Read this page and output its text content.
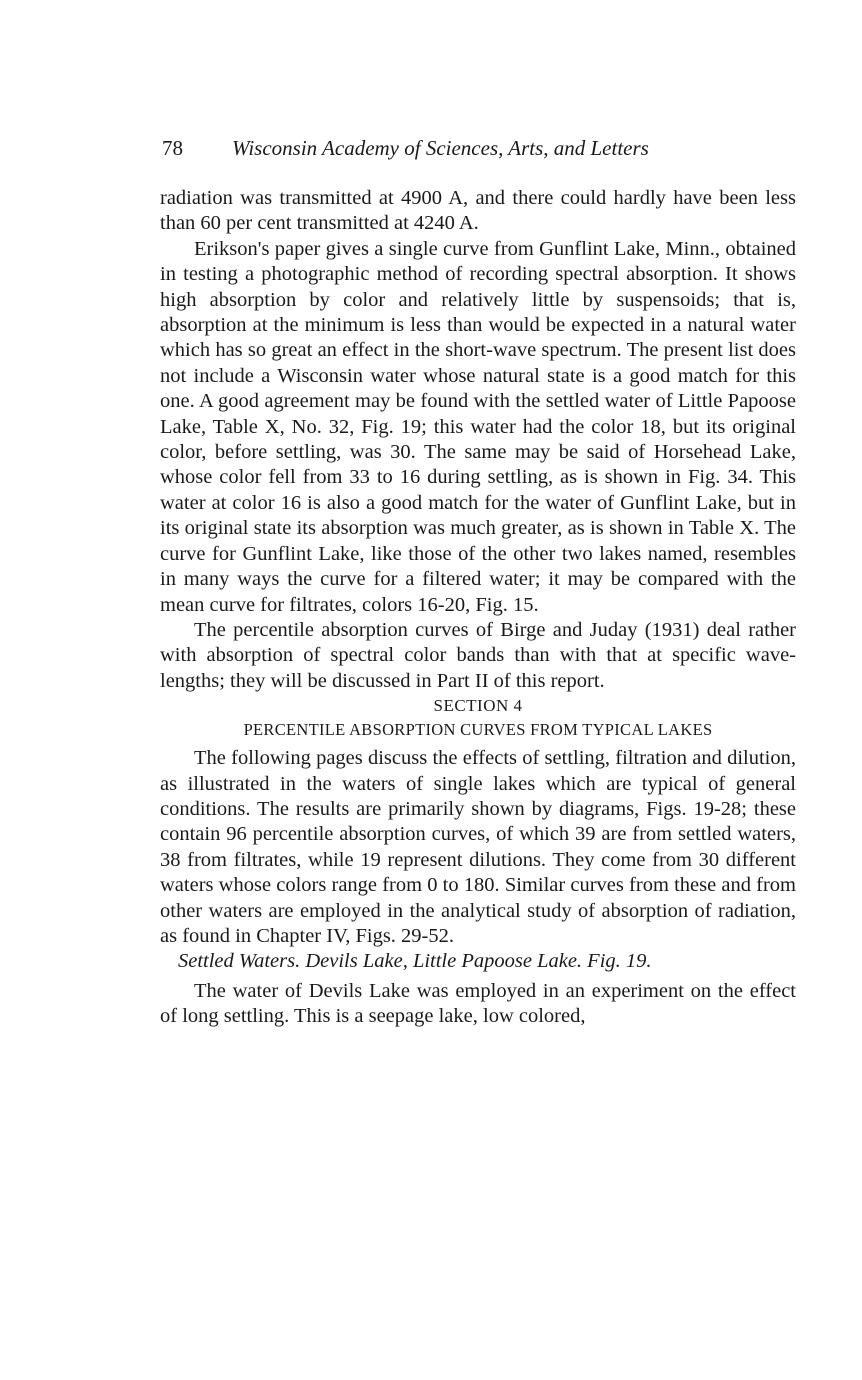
78 Wisconsin Academy of Sciences, Arts, and Letters

radiation was transmitted at 4900 A, and there could hardly have been less than 60 per cent transmitted at 4240 A.

Erikson's paper gives a single curve from Gunflint Lake, Minn., obtained in testing a photographic method of recording spectral absorption. It shows high absorption by color and relatively little by suspensoids; that is, absorption at the minimum is less than would be expected in a natural water which has so great an effect in the short-wave spectrum. The present list does not include a Wisconsin water whose natural state is a good match for this one. A good agreement may be found with the settled water of Little Papoose Lake, Table X, No. 32, Fig. 19; this water had the color 18, but its original color, before settling, was 30. The same may be said of Horsehead Lake, whose color fell from 33 to 16 during settling, as is shown in Fig. 34. This water at color 16 is also a good match for the water of Gunflint Lake, but in its original state its absorption was much greater, as is shown in Table X. The curve for Gunflint Lake, like those of the other two lakes named, resembles in many ways the curve for a filtered water; it may be compared with the mean curve for filtrates, colors 16-20, Fig. 15.

The percentile absorption curves of Birge and Juday (1931) deal rather with absorption of spectral color bands than with that at specific wave-lengths; they will be discussed in Part II of this report.

SECTION 4

PERCENTILE ABSORPTION CURVES FROM TYPICAL LAKES

The following pages discuss the effects of settling, filtration and dilution, as illustrated in the waters of single lakes which are typical of general conditions. The results are primarily shown by diagrams, Figs. 19-28; these contain 96 percentile absorption curves, of which 39 are from settled waters, 38 from filtrates, while 19 represent dilutions. They come from 30 different waters whose colors range from 0 to 180. Similar curves from these and from other waters are employed in the analytical study of absorption of radiation, as found in Chapter IV, Figs. 29-52.

Settled Waters. Devils Lake, Little Papoose Lake. Fig. 19.

The water of Devils Lake was employed in an experiment on the effect of long settling. This is a seepage lake, low colored,
